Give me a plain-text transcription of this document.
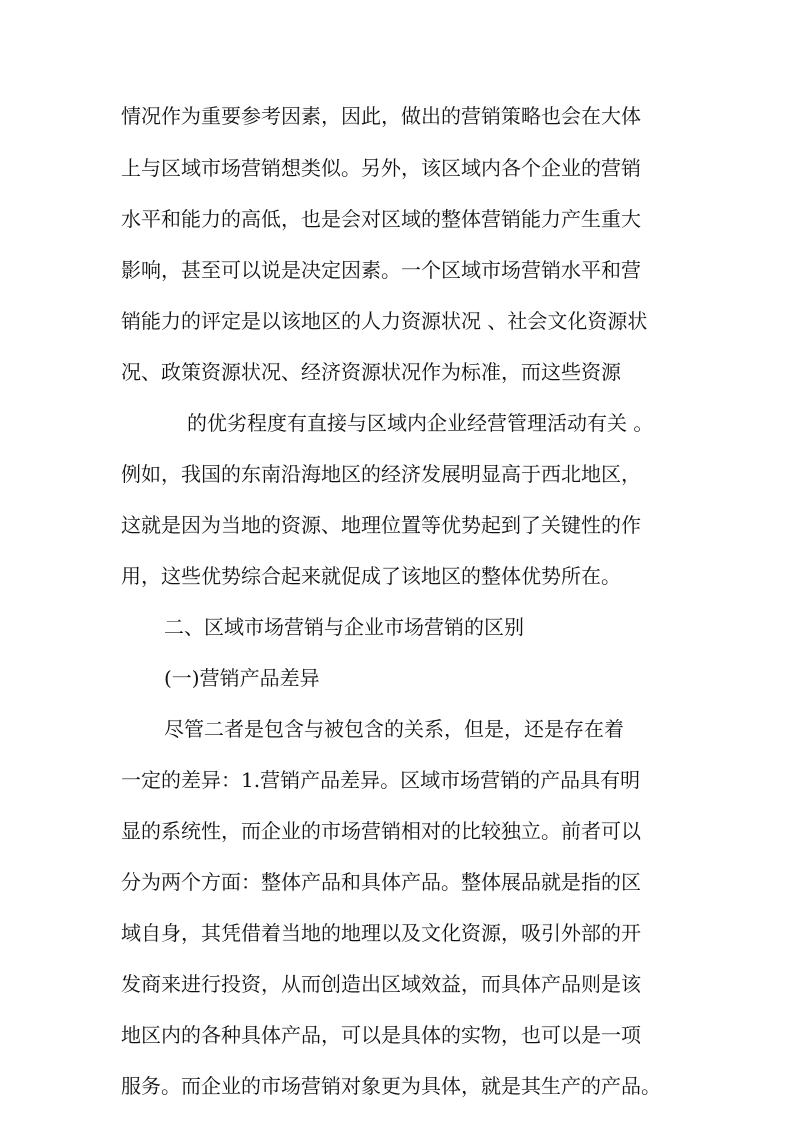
情况作为重要参考因素，因此，做出的营销策略也会在大体
上与区域市场营销想类似。另外，该区域内各个企业的营销
水平和能力的高低，也是会对区域的整体营销能力产生重大
影响，甚至可以说是决定因素。一个区域市场营销水平和营
销能力的评定是以该地区的人力资源状况 、社会文化资源状
况、政策资源状况、经济资源状况作为标准，而这些资源
的优劣程度有直接与区域内企业经营管理活动有关 。
例如，我国的东南沿海地区的经济发展明显高于西北地区，
这就是因为当地的资源、地理位置等优势起到了关键性的作
用，这些优势综合起来就促成了该地区的整体优势所在。
二、区域市场营销与企业市场营销的区别
(一)营销产品差异
尽管二者是包含与被包含的关系，但是，还是存在着
一定的差异：1.营销产品差异。区域市场营销的产品具有明
显的系统性，而企业的市场营销相对的比较独立。前者可以
分为两个方面：整体产品和具体产品。整体展品就是指的区
域自身，其凭借着当地的地理以及文化资源，吸引外部的开
发商来进行投资，从而创造出区域效益，而具体产品则是该
地区内的各种具体产品，可以是具体的实物，也可以是一项
服务。而企业的市场营销对象更为具体，就是其生产的产品。
